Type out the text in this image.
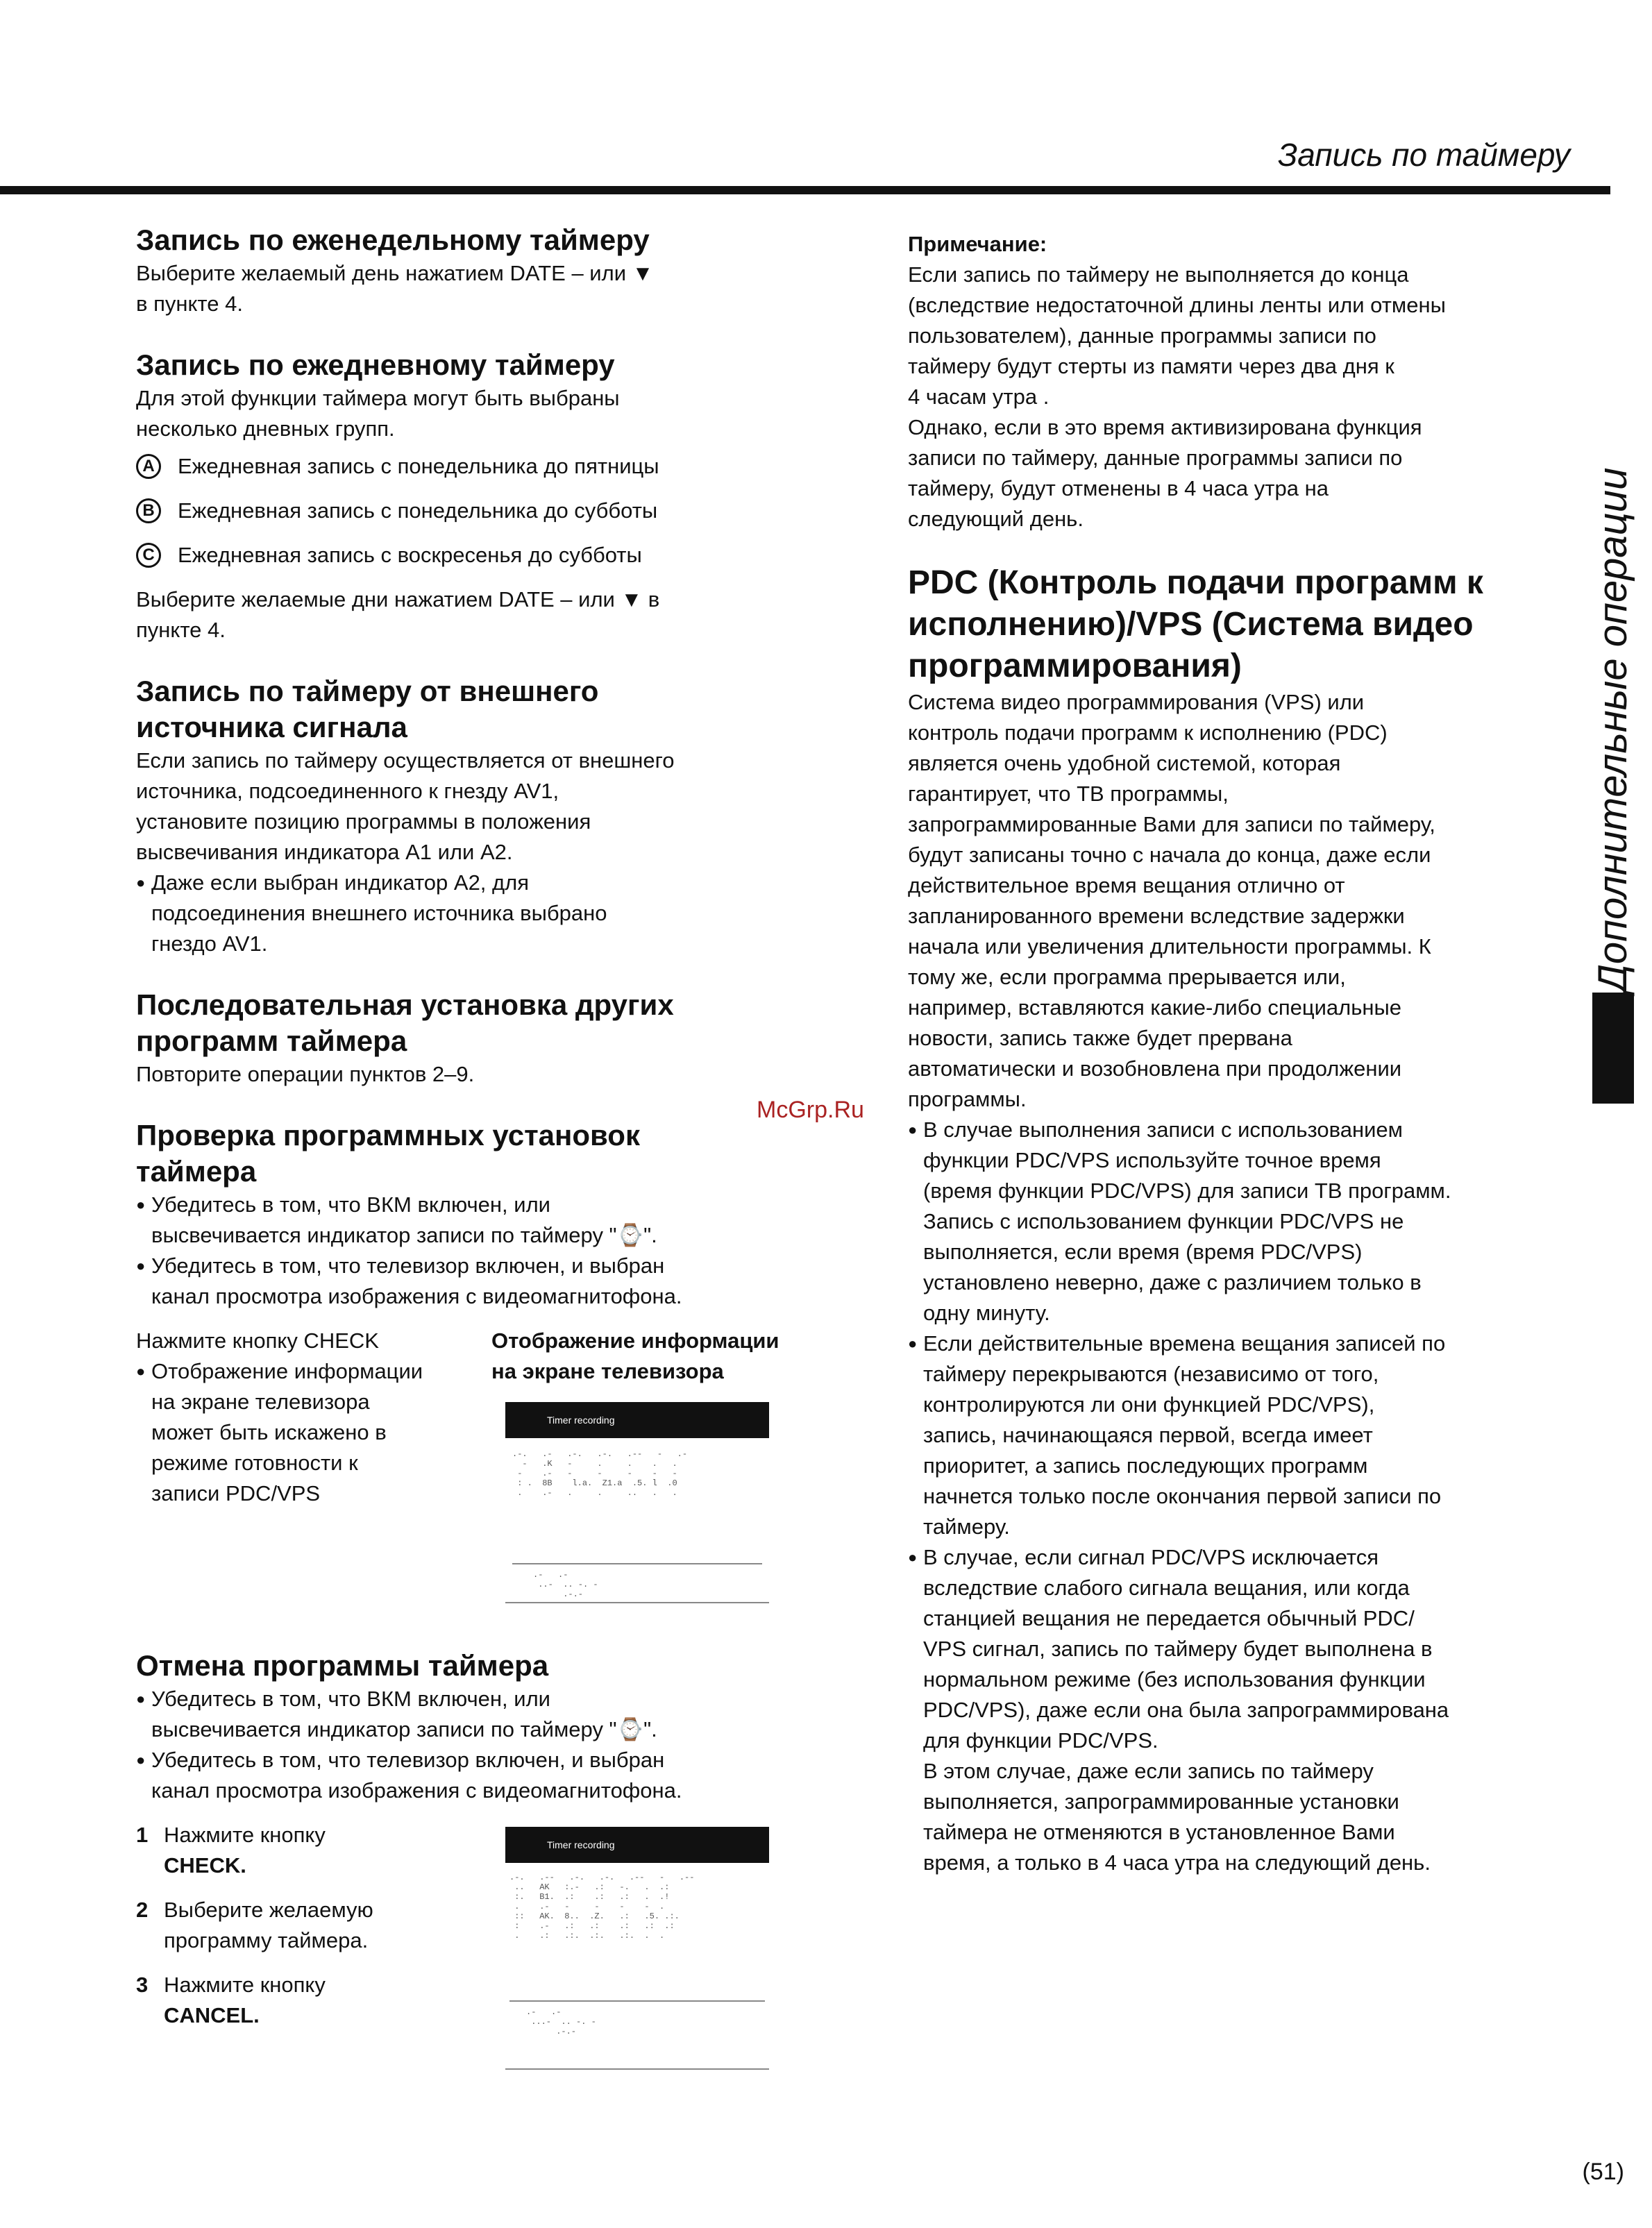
Запись по таймеру
Дополнительные операции
Запись по еженедельному таймеру

Выберите желаемый день нажатием DATE – или ▼

в пункте 4.

Запись по ежедневному таймеру

Для этой функции таймера могут быть выбраны

несколько дневных групп.

A	Ежедневная запись с понедельника до пятницы
B	Ежедневная запись с понедельника до субботы
C	Ежедневная запись с воскресенья до субботы

Выберите желаемые дни нажатием DATE – или ▼ в

пункте 4.

Запись по таймеру от внешнего
источника сигнала

Если запись по таймеру осуществляется от внешнего

источника, подсоединенного к гнезду AV1,

установите позицию программы в положения

высвечивания индикатора A1 или A2.

● Даже если выбран индикатор A2, для
подсоединения внешнего источника выбрано
гнездо AV1.
Последовательная установка других
программ таймера

Повторите операции пунктов 2–9.

Проверка программных установок
таймера
● Убедитесь в том, что ВКМ включен, или
высвечивается индикатор записи по таймеру "⌚".
● Убедитесь в том, что телевизор включен, и выбран
канал просмотра изображения с видеомагнитофона.

Нажмите кнопку CHECK

● Отображение информации
на экране телевизора
может быть искажено в
режиме готовности к
записи PDC/VPS

Отображение информации

на экране телевизора

Timer recording
.-.   .-   .-.   .-.   .--   -   .-
-   .K   -     .     .    .   .
-    .-   -     -     -    -   -
: .  8B    l.a.  Z1.a  .5. l  .0
.    .-   .     .     ..   .   .
.-   .-
..-  .. -. -
.-.-
Отмена программы таймера
● Убедитесь в том, что ВКМ включен, или
высвечивается индикатор записи по таймеру "⌚".
● Убедитесь в том, что телевизор включен, и выбран
канал просмотра изображения с видеомагнитофона.
1 Нажмите кнопку
CHECK.
2 Выберите желаемую
программу таймера.
3 Нажмите кнопку
CANCEL.
Timer recording
.-.   .--   .-.   .-.   .--   -   .--
..   AK   :.-   .:   -.   .  .:
:.   B1.  .:    .:   .:   .  .!
.    .-   -     -    -    -  .
::   AK.  8..  .Z.   .:   .5. .:.
:    .-   .:   .:    .:   .:  .:
.    .:   .:.  .:.   .:.  .  .
.-   .-
...-  .. -. -
.-.-

Примечание:

Если запись по таймеру не выполняется до конца

(вследствие недостаточной длины ленты или отмены

пользователем), данные программы записи по

таймеру будут стерты из памяти через два дня к

4 часам утра .

Однако, если в это время активизирована функция

записи по таймеру, данные программы записи по

таймеру, будут отменены в 4 часа утра на

следующий день.

PDC (Контроль подачи программ к

исполнению)/VPS (Система видео

программирования)

Система видео программирования (VPS) или

контроль подачи программ к исполнению (PDC)

является очень удобной системой, которая

гарантирует, что ТВ программы,

запрограммированные Вами для записи по таймеру,

будут записаны точно с начала до конца, даже если

действительное время вещания отлично от

запланированного времени вследствие задержки

начала или увеличения длительности программы. К

тому же, если программа прерывается или,

например, вставляются какие-либо специальные

новости, запись также будет прервана

автоматически и возобновлена при продолжении

программы.

● В случае выполнения записи с использованием
функции PDC/VPS используйте точное время
(время функции PDC/VPS) для записи ТВ программ.
Запись с использованием функции PDC/VPS не
выполняется, если время (время PDC/VPS)
установлено неверно, даже с различием только в
одну минуту.
● Если действительные времена вещания записей по
таймеру перекрываются (независимо от того,
контролируются ли они функцией PDC/VPS),
запись, начинающаяся первой, всегда имеет
приоритет, а запись последующих программ
начнется только после окончания первой записи по
таймеру.
● В случае, если сигнал PDC/VPS исключается
вследствие слабого сигнала вещания, или когда
станцией вещания не передается обычный PDC/
VPS сигнал, запись по таймеру будет выполнена в
нормальном режиме (без использования функции
PDC/VPS), даже если она была запрограммирована
для функции PDC/VPS.
В этом случае, даже если запись по таймеру
выполняется, запрограммированные установки
таймера не отменяются в установленное Вами
время, а только в 4 часа утра на следующий день.
McGrp.Ru
(51)
